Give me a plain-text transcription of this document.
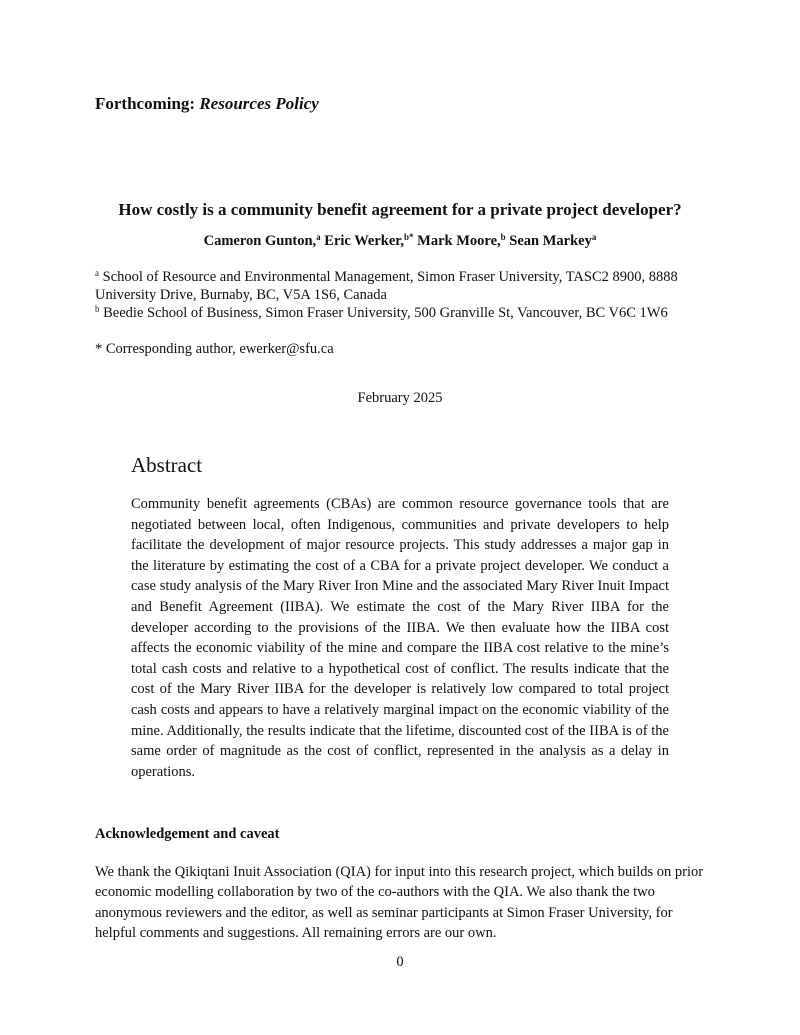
Forthcoming: Resources Policy
How costly is a community benefit agreement for a private project developer?
Cameron Gunton,$^a$ Eric Werker,$^{b*}$ Mark Moore,$^b$ Sean Markey$^a$
$^a$ School of Resource and Environmental Management, Simon Fraser University, TASC2 8900, 8888 University Drive, Burnaby, BC, V5A 1S6, Canada
$^b$ Beedie School of Business, Simon Fraser University, 500 Granville St, Vancouver, BC V6C 1W6
* Corresponding author, ewerker@sfu.ca
February 2025
Abstract
Community benefit agreements (CBAs) are common resource governance tools that are negotiated between local, often Indigenous, communities and private developers to help facilitate the development of major resource projects. This study addresses a major gap in the literature by estimating the cost of a CBA for a private project developer. We conduct a case study analysis of the Mary River Iron Mine and the associated Mary River Inuit Impact and Benefit Agreement (IIBA). We estimate the cost of the Mary River IIBA for the developer according to the provisions of the IIBA. We then evaluate how the IIBA cost affects the economic viability of the mine and compare the IIBA cost relative to the mine’s total cash costs and relative to a hypothetical cost of conflict. The results indicate that the cost of the Mary River IIBA for the developer is relatively low compared to total project cash costs and appears to have a relatively marginal impact on the economic viability of the mine. Additionally, the results indicate that the lifetime, discounted cost of the IIBA is of the same order of magnitude as the cost of conflict, represented in the analysis as a delay in operations.
Acknowledgement and caveat
We thank the Qikiqtani Inuit Association (QIA) for input into this research project, which builds on prior economic modelling collaboration by two of the co-authors with the QIA. We also thank the two anonymous reviewers and the editor, as well as seminar participants at Simon Fraser University, for helpful comments and suggestions. All remaining errors are our own.
0
